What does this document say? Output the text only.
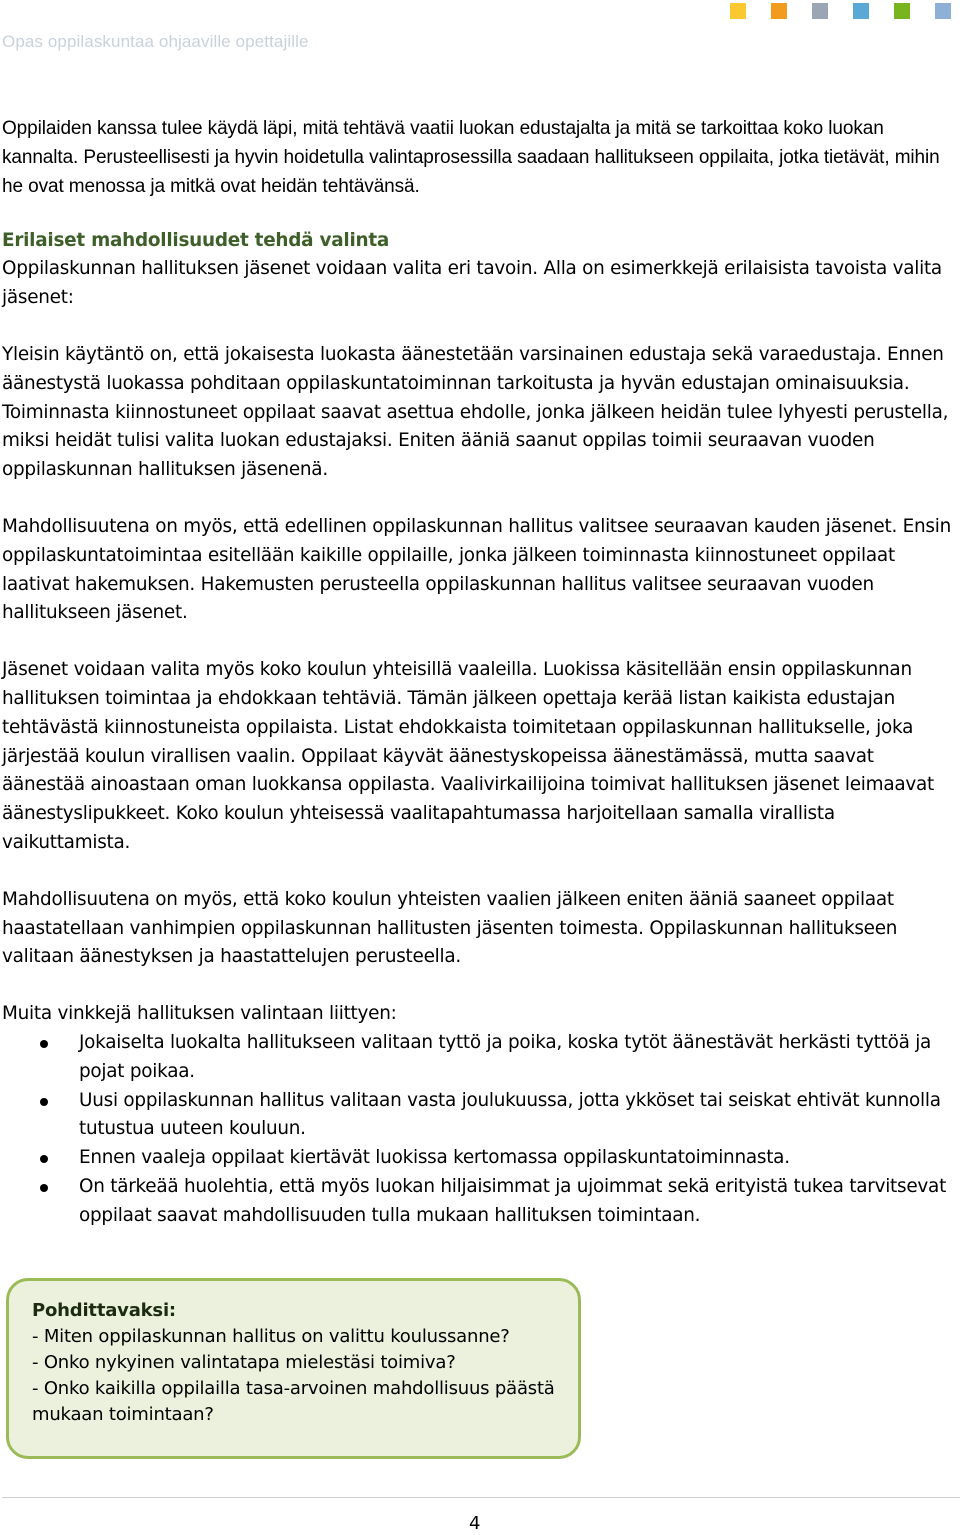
Opas oppilaskuntaa ohjaaville opettajille

Oppilaiden kanssa tulee käydä läpi, mitä tehtävä vaatii luokan edustajalta ja mitä se tarkoittaa koko luokan kannalta. Perusteellisesti ja hyvin hoidetulla valintaprosessilla saadaan hallitukseen oppilaita, jotka tietävät, mihin he ovat menossa ja mitkä ovat heidän tehtävänsä.

Erilaiset mahdollisuudet tehdä valinta

Oppilaskunnan hallituksen jäsenet voidaan valita eri tavoin. Alla on esimerkkejä erilaisista tavoista valita jäsenet:

Yleisin käytäntö on, että jokaisesta luokasta äänestetään varsinainen edustaja sekä varaedustaja. Ennen äänestystä luokassa pohditaan oppilaskuntatoiminnan tarkoitusta ja hyvän edustajan ominaisuuksia. Toiminnasta kiinnostuneet oppilaat saavat asettua ehdolle, jonka jälkeen heidän tulee lyhyesti perustella, miksi heidät tulisi valita luokan edustajaksi. Eniten ääniä saanut oppilas toimii seuraavan vuoden oppilaskunnan hallituksen jäsenenä.

Mahdollisuutena on myös, että edellinen oppilaskunnan hallitus valitsee seuraavan kauden jäsenet. Ensin oppilaskuntatoimintaa esitellään kaikille oppilaille, jonka jälkeen toiminnasta kiinnostuneet oppilaat laativat hakemuksen. Hakemusten perusteella oppilaskunnan hallitus valitsee seuraavan vuoden hallitukseen jäsenet.

Jäsenet voidaan valita myös koko koulun yhteisillä vaaleilla. Luokissa käsitellään ensin oppilaskunnan hallituksen toimintaa ja ehdokkaan tehtäviä. Tämän jälkeen opettaja kerää listan kaikista edustajan tehtävästä kiinnostuneista oppilaista. Listat ehdokkaista toimitetaan oppilaskunnan hallitukselle, joka järjestää koulun virallisen vaalin. Oppilaat käyvät äänestyskopeissa äänestämässä, mutta saavat äänestää ainoastaan oman luokkansa oppilasta. Vaalivirkailijoina toimivat hallituksen jäsenet leimaavat äänestyslipukkeet. Koko koulun yhteisessä vaalitapahtumassa harjoitellaan samalla virallista vaikuttamista.

Mahdollisuutena on myös, että koko koulun yhteisten vaalien jälkeen eniten ääniä saaneet oppilaat haastatellaan vanhimpien oppilaskunnan hallitusten jäsenten toimesta. Oppilaskunnan hallitukseen valitaan äänestyksen ja haastattelujen perusteella.

Muita vinkkejä hallituksen valintaan liittyen:

Jokaiselta luokalta hallitukseen valitaan tyttö ja poika, koska tytöt äänestävät herkästi tyttöä ja pojat poikaa.
Uusi oppilaskunnan hallitus valitaan vasta joulukuussa, jotta ykköset tai seiskat ehtivät kunnolla tutustua uuteen kouluun.
Ennen vaaleja oppilaat kiertävät luokissa kertomassa oppilaskuntatoiminnasta.
On tärkeää huolehtia, että myös luokan hiljaisimmat ja ujoimmat sekä erityistä tukea tarvitsevat oppilaat saavat mahdollisuuden tulla mukaan hallituksen toimintaan.
Pohdittavaksi:
- Miten oppilaskunnan hallitus on valittu koulussanne?
- Onko nykyinen valintatapa mielestäsi toimiva?
- Onko kaikilla oppilailla tasa-arvoinen mahdollisuus päästä mukaan toimintaan?
4
